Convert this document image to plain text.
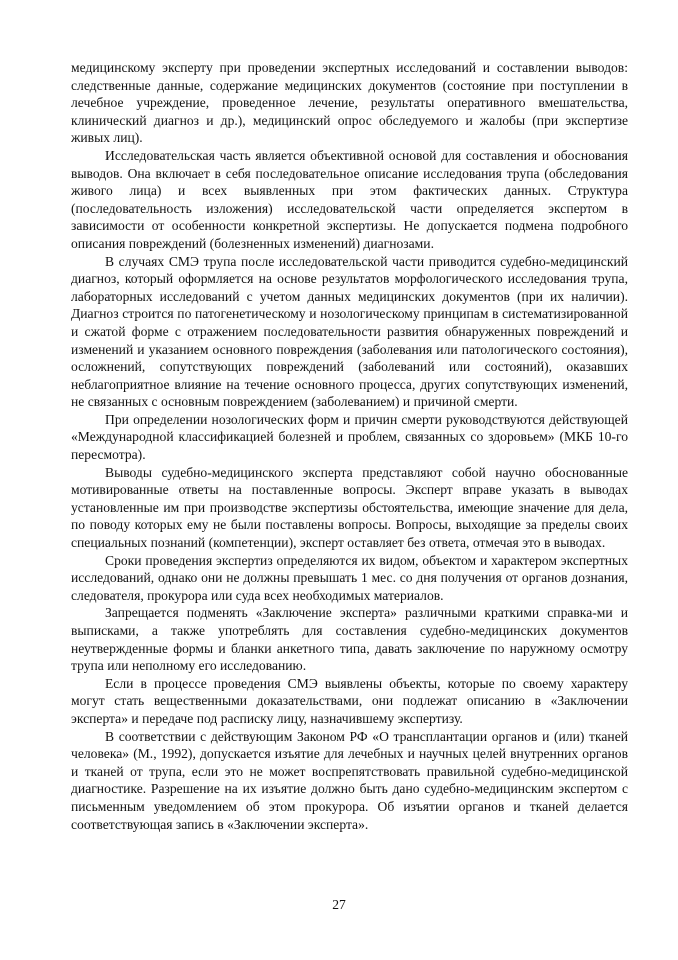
медицинскому эксперту при проведении экспертных исследований и составлении выводов: следственные данные, содержание медицинских документов (состояние при поступлении в лечебное учреждение, проведенное лечение, результаты оперативного вмешательства, клинический диагноз и др.), медицинский опрос обследуемого и жалобы (при экспертизе живых лиц).

Исследовательская часть является объективной основой для составления и обоснования выводов. Она включает в себя последовательное описание исследования трупа (обследования живого лица) и всех выявленных при этом фактических данных. Структура (последовательность изложения) исследовательской части определяется экспертом в зависимости от особенности конкретной экспертизы. Не допускается подмена подробного описания повреждений (болезненных изменений) диагнозами.

В случаях СМЭ трупа после исследовательской части приводится судебно-медицинский диагноз, который оформляется на основе результатов морфологического исследования трупа, лабораторных исследований с учетом данных медицинских документов (при их наличии). Диагноз строится по патогенетическому и нозологическому принципам в систематизированной и сжатой форме с отражением последовательности развития обнаруженных повреждений и изменений и указанием основного повреждения (заболевания или патологического состояния), осложнений, сопутствующих повреждений (заболеваний или состояний), оказавших неблагоприятное влияние на течение основного процесса, других сопутствующих изменений, не связанных с основным повреждением (заболеванием) и причиной смерти.

При определении нозологических форм и причин смерти руководствуются действующей «Международной классификацией болезней и проблем, связанных со здоровьем» (МКБ 10-го пересмотра).

Выводы судебно-медицинского эксперта представляют собой научно обоснованные мотивированные ответы на поставленные вопросы. Эксперт вправе указать в выводах установленные им при производстве экспертизы обстоятельства, имеющие значение для дела, по поводу которых ему не были поставлены вопросы. Вопросы, выходящие за пределы своих специальных познаний (компетенции), эксперт оставляет без ответа, отмечая это в выводах.

Сроки проведения экспертиз определяются их видом, объектом и характером экспертных исследований, однако они не должны превышать 1 мес. со дня получения от органов дознания, следователя, прокурора или суда всех необходимых материалов.

Запрещается подменять «Заключение эксперта» различными краткими справка-ми и выписками, а также употреблять для составления судебно-медицинских документов неутвержденные формы и бланки анкетного типа, давать заключение по наружному осмотру трупа или неполному его исследованию.

Если в процессе проведения СМЭ выявлены объекты, которые по своему характеру могут стать вещественными доказательствами, они подлежат описанию в «Заключении эксперта» и передаче под расписку лицу, назначившему экспертизу.

В соответствии с действующим Законом РФ «О трансплантации органов и (или) тканей человека» (М., 1992), допускается изъятие для лечебных и научных целей внутренних органов и тканей от трупа, если это не может воспрепятствовать правильной судебно-медицинской диагностике. Разрешение на их изъятие должно быть дано судебно-медицинским экспертом с письменным уведомлением об этом прокурора. Об изъятии органов и тканей делается соответствующая запись в «Заключении эксперта».

27
